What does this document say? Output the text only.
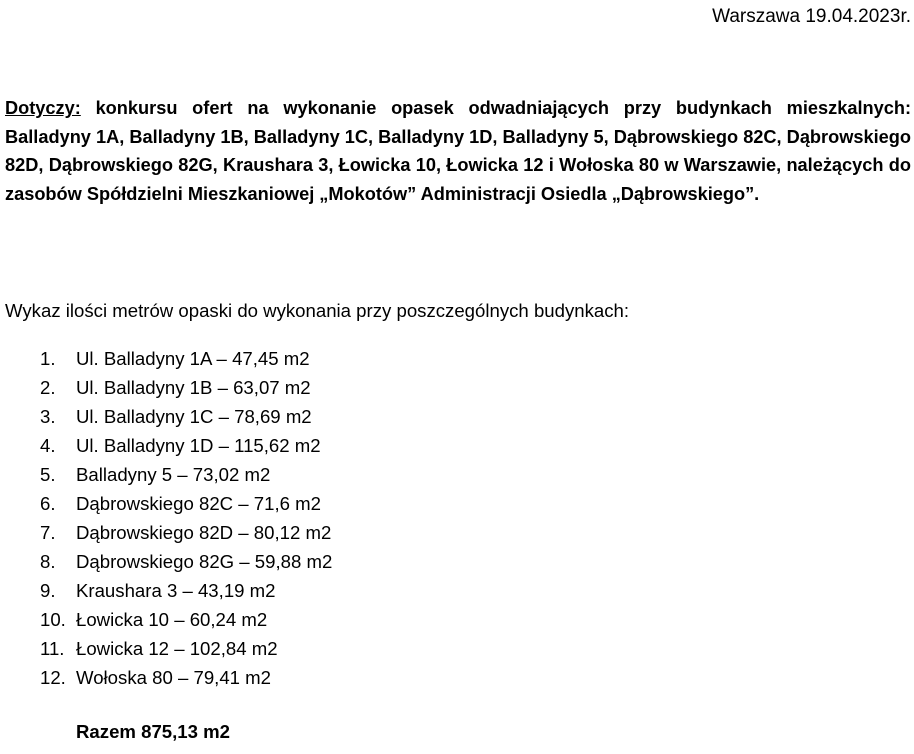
Warszawa 19.04.2023r.
Dotyczy: konkursu ofert na wykonanie opasek odwadniających przy budynkach mieszkalnych: Balladyny 1A, Balladyny 1B, Balladyny 1C, Balladyny 1D, Balladyny 5, Dąbrowskiego 82C, Dąbrowskiego 82D, Dąbrowskiego 82G, Kraushara 3, Łowicka 10, Łowicka 12 i Wołoska 80 w Warszawie, należących do zasobów Spółdzielni Mieszkaniowej „Mokotów” Administracji Osiedla „Dąbrowskiego”.
Wykaz ilości metrów opaski do wykonania przy poszczególnych budynkach:
1. Ul. Balladyny 1A – 47,45 m2
2. Ul. Balladyny 1B – 63,07 m2
3. Ul. Balladyny 1C – 78,69 m2
4. Ul. Balladyny 1D – 115,62 m2
5. Balladyny 5 – 73,02 m2
6. Dąbrowskiego 82C – 71,6 m2
7. Dąbrowskiego 82D – 80,12 m2
8. Dąbrowskiego 82G – 59,88 m2
9. Kraushara 3 – 43,19 m2
10. Łowicka 10 – 60,24 m2
11. Łowicka 12 – 102,84 m2
12. Wołoska 80 – 79,41 m2
Razem 875,13 m2
